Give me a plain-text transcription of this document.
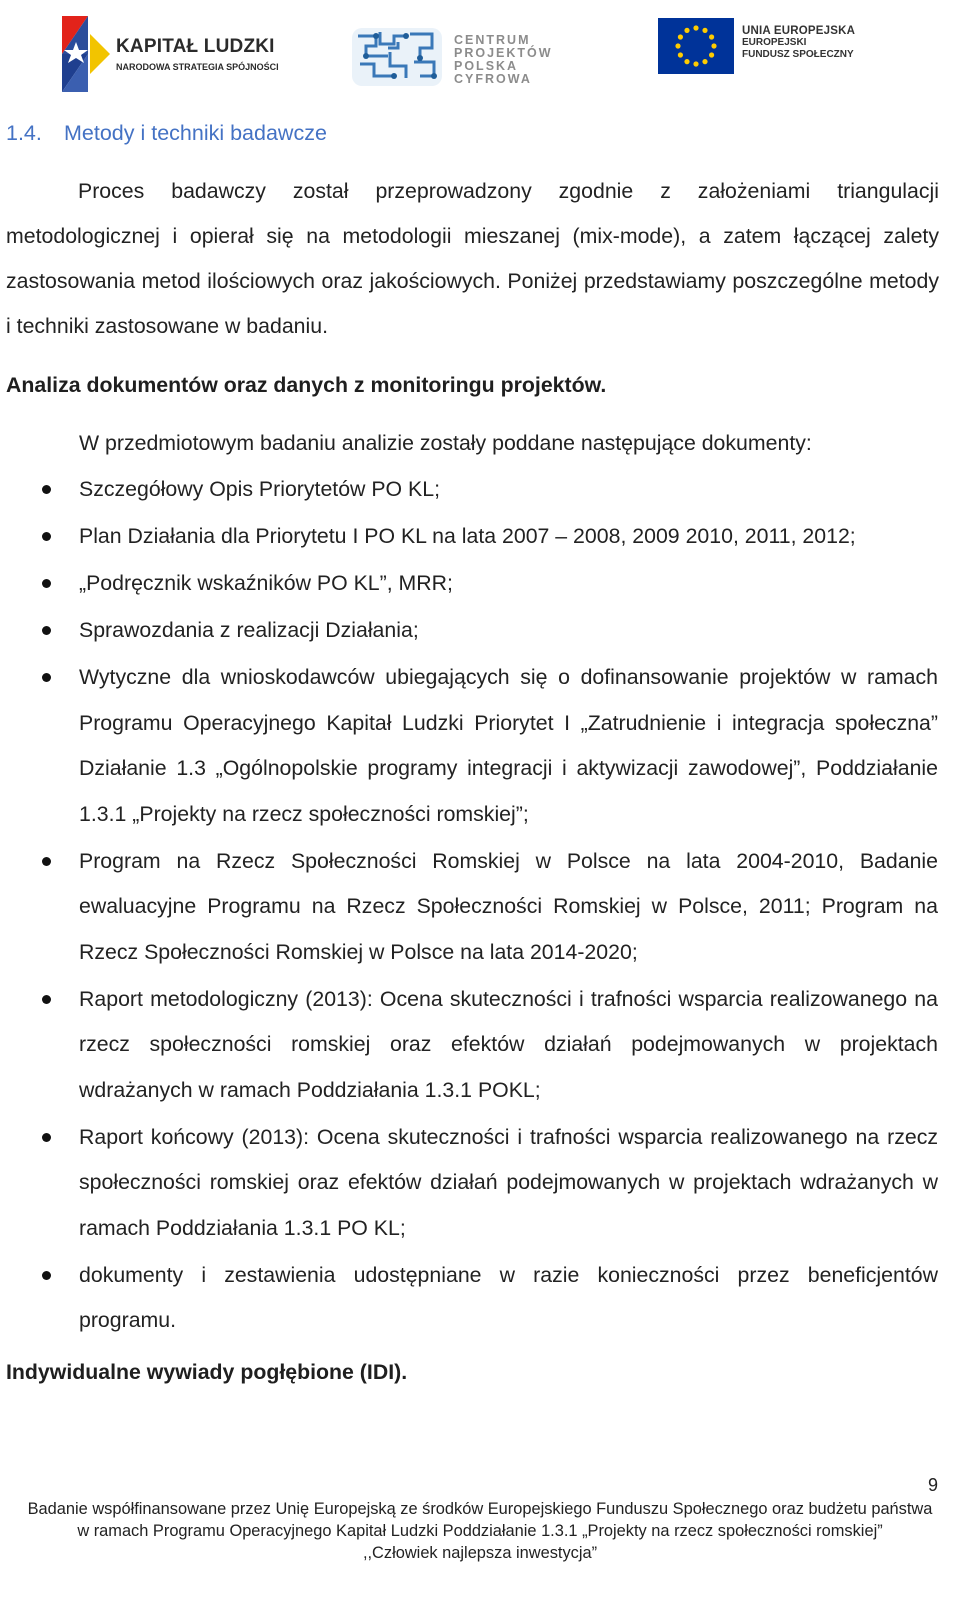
KAPITAŁ LUDZKI
NARODOWA STRATEGIA SPÓJNOŚCI
CENTRUM
PROJEKTÓW
POLSKA
CYFROWA
UNIA EUROPEJSKA
EUROPEJSKI
FUNDUSZ SPOŁECZNY
1.4. Metody i techniki badawcze
Proces badawczy został przeprowadzony zgodnie z założeniami triangulacji metodologicznej i opierał się na metodologii mieszanej (mix-mode), a zatem łączącej zalety zastosowania metod ilościowych oraz jakościowych. Poniżej przedstawiamy poszczególne metody i techniki zastosowane w badaniu.
Analiza dokumentów oraz danych z monitoringu projektów.
W przedmiotowym badaniu analizie zostały poddane następujące dokumenty:
Szczegółowy Opis Priorytetów PO KL;
Plan Działania dla Priorytetu I PO KL na lata 2007 – 2008, 2009 2010, 2011, 2012;
„Podręcznik wskaźników PO KL”, MRR;
Sprawozdania z realizacji Działania;
Wytyczne dla wnioskodawców ubiegających się o dofinansowanie projektów w ramach Programu Operacyjnego Kapitał Ludzki Priorytet I „Zatrudnienie i integracja społeczna” Działanie 1.3 „Ogólnopolskie programy integracji i aktywizacji zawodowej”, Poddziałanie 1.3.1 „Projekty na rzecz społeczności romskiej”;
Program na Rzecz Społeczności Romskiej w Polsce na lata 2004-2010, Badanie ewaluacyjne Programu na Rzecz Społeczności Romskiej w Polsce, 2011; Program na Rzecz Społeczności Romskiej w Polsce na lata 2014-2020;
Raport metodologiczny (2013): Ocena skuteczności i trafności wsparcia realizowanego na rzecz społeczności romskiej oraz efektów działań podejmowanych w projektach wdrażanych w ramach Poddziałania 1.3.1 POKL;
Raport końcowy (2013): Ocena skuteczności i trafności wsparcia realizowanego na rzecz społeczności romskiej oraz efektów działań podejmowanych w projektach wdrażanych w ramach Poddziałania 1.3.1 PO KL;
dokumenty i zestawienia udostępniane w razie konieczności przez beneficjentów programu.
Indywidualne wywiady pogłębione (IDI).
9
Badanie współfinansowane przez Unię Europejską ze środków Europejskiego Funduszu Społecznego oraz budżetu państwa
w ramach Programu Operacyjnego Kapitał Ludzki Poddziałanie 1.3.1 „Projekty na rzecz społeczności romskiej”
,,Człowiek najlepsza inwestycja”
